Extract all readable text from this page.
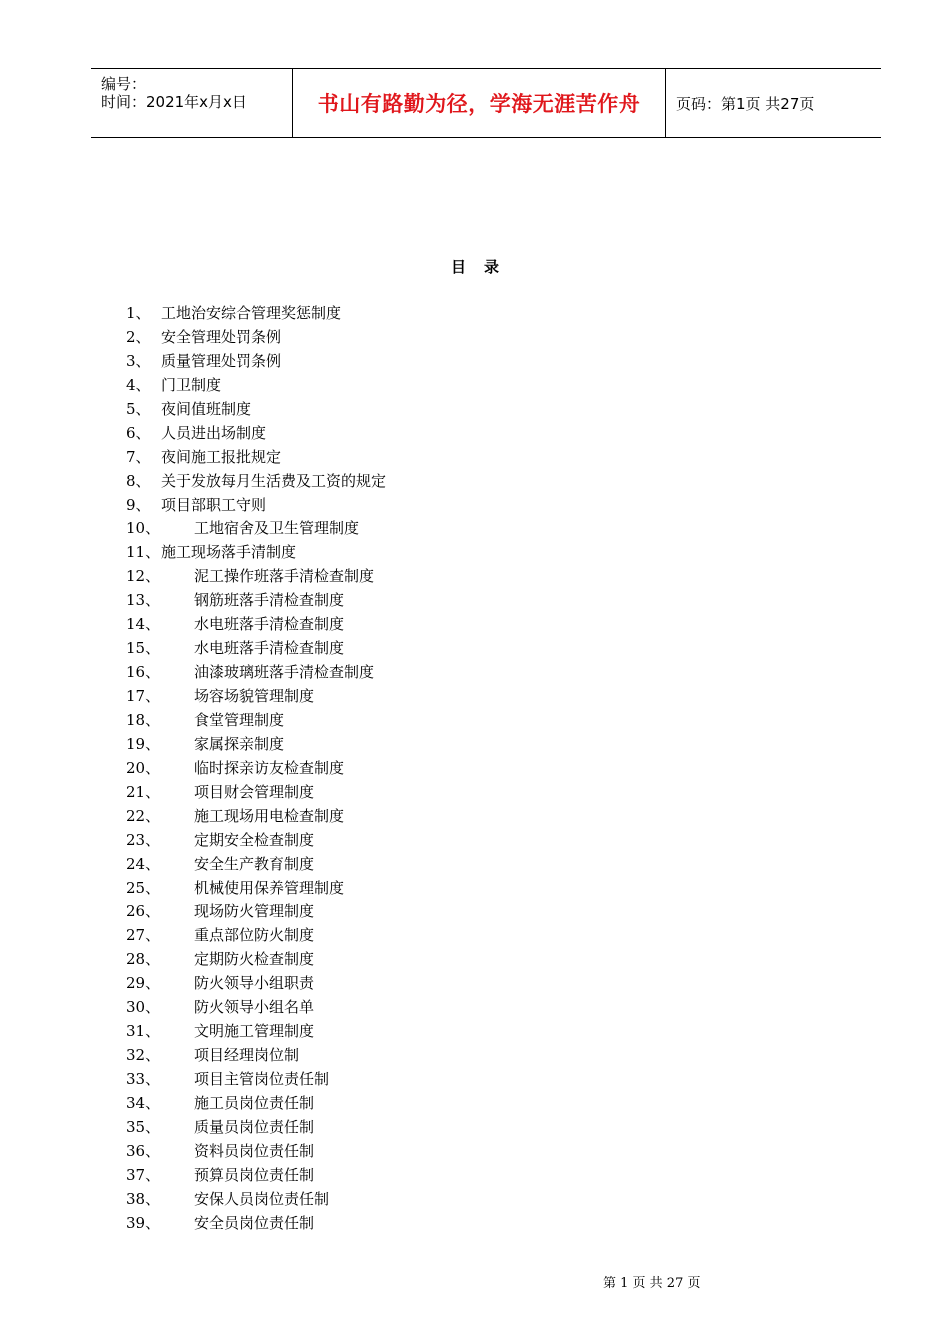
编号：
时间：2021年x月x日	书山有路勤为径，学海无涯苦作舟	页码：第1页 共27页
目录
1、 工地治安综合管理奖惩制度
2、 安全管理处罚条例
3、 质量管理处罚条例
4、 门卫制度
5、 夜间值班制度
6、 人员进出场制度
7、 夜间施工报批规定
8、 关于发放每月生活费及工资的规定
9、 项目部职工守则
10、 工地宿舍及卫生管理制度
11、 施工现场落手清制度
12、 泥工操作班落手清检查制度
13、 钢筋班落手清检查制度
14、 水电班落手清检查制度
15、 水电班落手清检查制度
16、 油漆玻璃班落手清检查制度
17、 场容场貌管理制度
18、 食堂管理制度
19、 家属探亲制度
20、 临时探亲访友检查制度
21、 项目财会管理制度
22、 施工现场用电检查制度
23、 定期安全检查制度
24、 安全生产教育制度
25、 机械使用保养管理制度
26、 现场防火管理制度
27、 重点部位防火制度
28、 定期防火检查制度
29、 防火领导小组职责
30、 防火领导小组名单
31、 文明施工管理制度
32、 项目经理岗位制
33、 项目主管岗位责任制
34、 施工员岗位责任制
35、 质量员岗位责任制
36、 资料员岗位责任制
37、 预算员岗位责任制
38、 安保人员岗位责任制
39、 安全员岗位责任制
第 1 页 共 27 页
